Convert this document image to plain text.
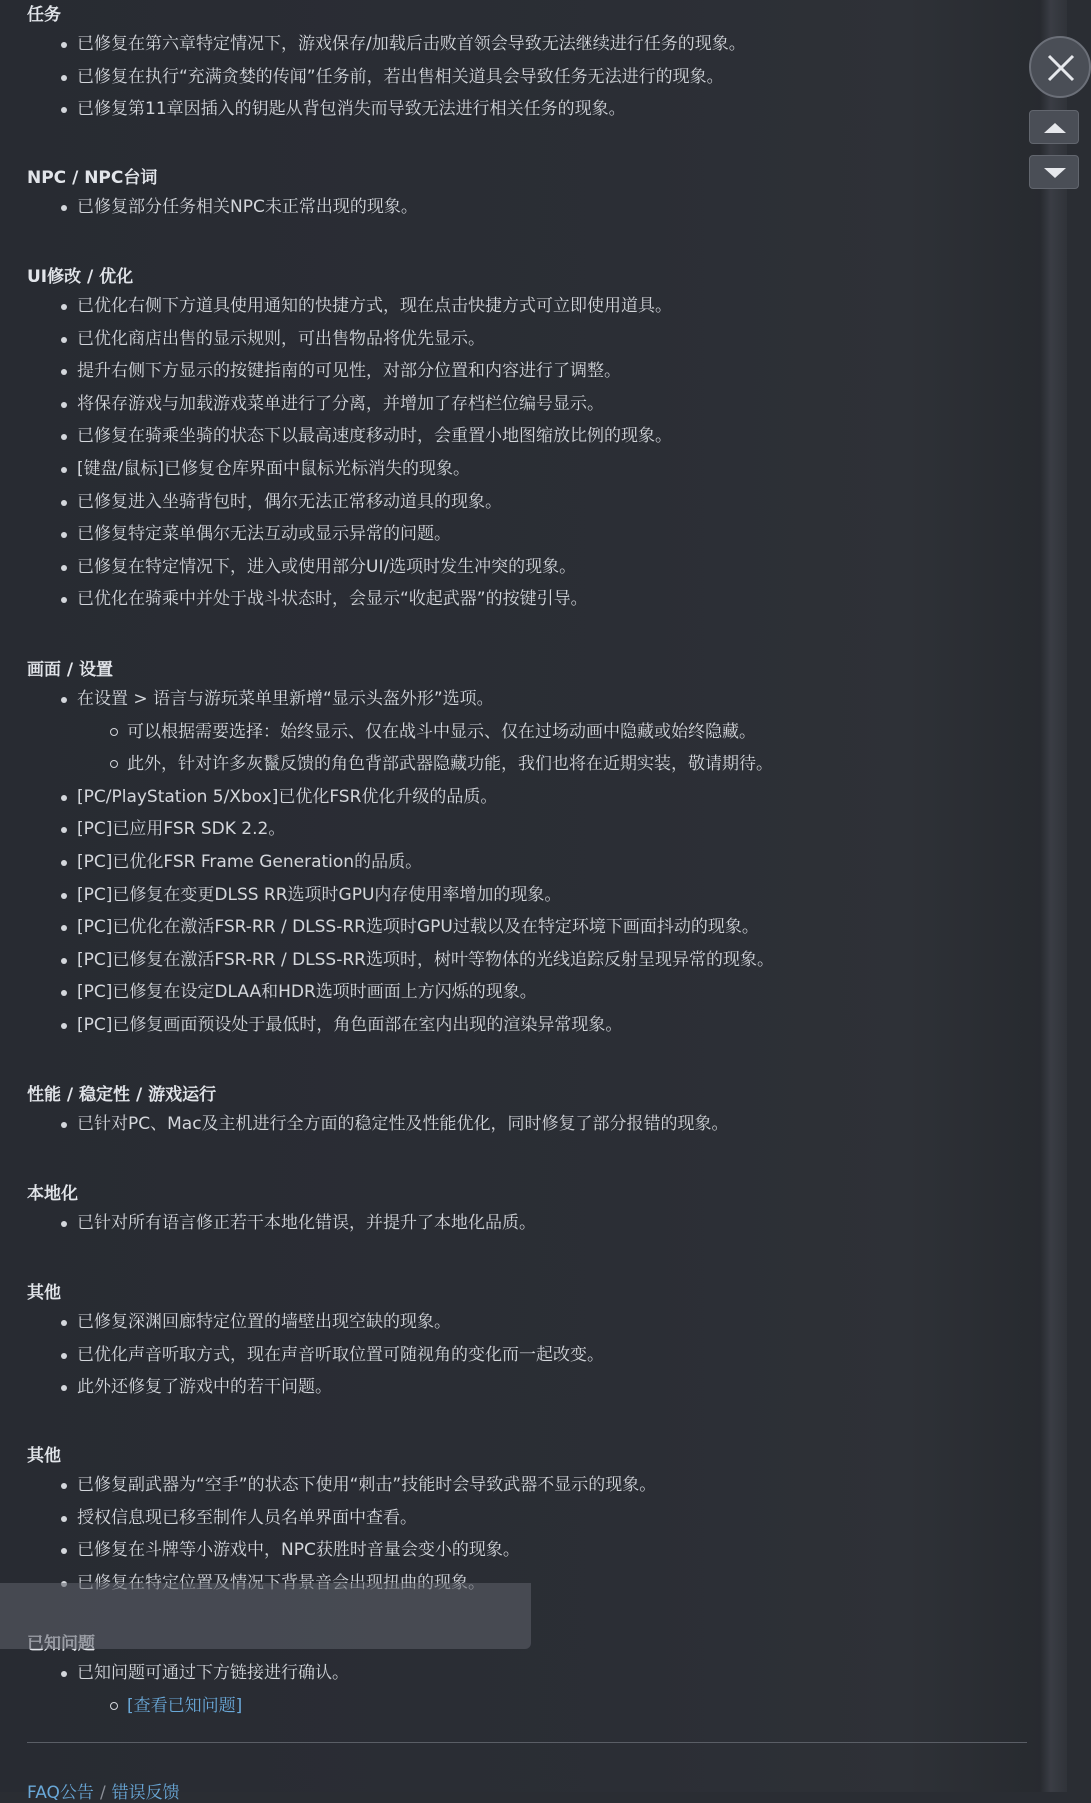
任务
已修复在第六章特定情况下，游戏保存/加载后击败首领会导致无法继续进行任务的现象。
已修复在执行“充满贪婪的传闻”任务前，若出售相关道具会导致任务无法进行的现象。
已修复第11章因插入的钥匙从背包消失而导致无法进行相关任务的现象。
NPC / NPC台词
已修复部分任务相关NPC未正常出现的现象。
UI修改 / 优化
已优化右侧下方道具使用通知的快捷方式，现在点击快捷方式可立即使用道具。
已优化商店出售的显示规则，可出售物品将优先显示。
提升右侧下方显示的按键指南的可见性，对部分位置和内容进行了调整。
将保存游戏与加载游戏菜单进行了分离，并增加了存档栏位编号显示。
已修复在骑乘坐骑的状态下以最高速度移动时，会重置小地图缩放比例的现象。
[键盘/鼠标]已修复仓库界面中鼠标光标消失的现象。
已修复进入坐骑背包时，偶尔无法正常移动道具的现象。
已修复特定菜单偶尔无法互动或显示异常的问题。
已修复在特定情况下，进入或使用部分UI/选项时发生冲突的现象。
已优化在骑乘中并处于战斗状态时，会显示“收起武器”的按键引导。
画面 / 设置
在设置 > 语言与游玩菜单里新增“显示头盔外形”选项。
可以根据需要选择：始终显示、仅在战斗中显示、仅在过场动画中隐藏或始终隐藏。
此外，针对许多灰鬣反馈的角色背部武器隐藏功能，我们也将在近期实装，敬请期待。
[PC/PlayStation 5/Xbox]已优化FSR优化升级的品质。
[PC]已应用FSR SDK 2.2。
[PC]已优化FSR Frame Generation的品质。
[PC]已修复在变更DLSS RR选项时GPU内存使用率增加的现象。
[PC]已优化在激活FSR-RR / DLSS-RR选项时GPU过载以及在特定环境下画面抖动的现象。
[PC]已修复在激活FSR-RR / DLSS-RR选项时，树叶等物体的光线追踪反射呈现异常的现象。
[PC]已修复在设定DLAA和HDR选项时画面上方闪烁的现象。
[PC]已修复画面预设处于最低时，角色面部在室内出现的渲染异常现象。
性能 / 稳定性 / 游戏运行
已针对PC、Mac及主机进行全方面的稳定性及性能优化，同时修复了部分报错的现象。
本地化
已针对所有语言修正若干本地化错误，并提升了本地化品质。
其他
已修复深渊回廊特定位置的墙壁出现空缺的现象。
已优化声音听取方式，现在声音听取位置可随视角的变化而一起改变。
此外还修复了游戏中的若干问题。
其他
已修复副武器为“空手”的状态下使用“刺击”技能时会导致武器不显示的现象。
授权信息现已移至制作人员名单界面中查看。
已修复在斗牌等小游戏中，NPC获胜时音量会变小的现象。
已知问题可通过下方链接进行确认。
[查看已知问题]
FAQ公告 / 错误反馈
